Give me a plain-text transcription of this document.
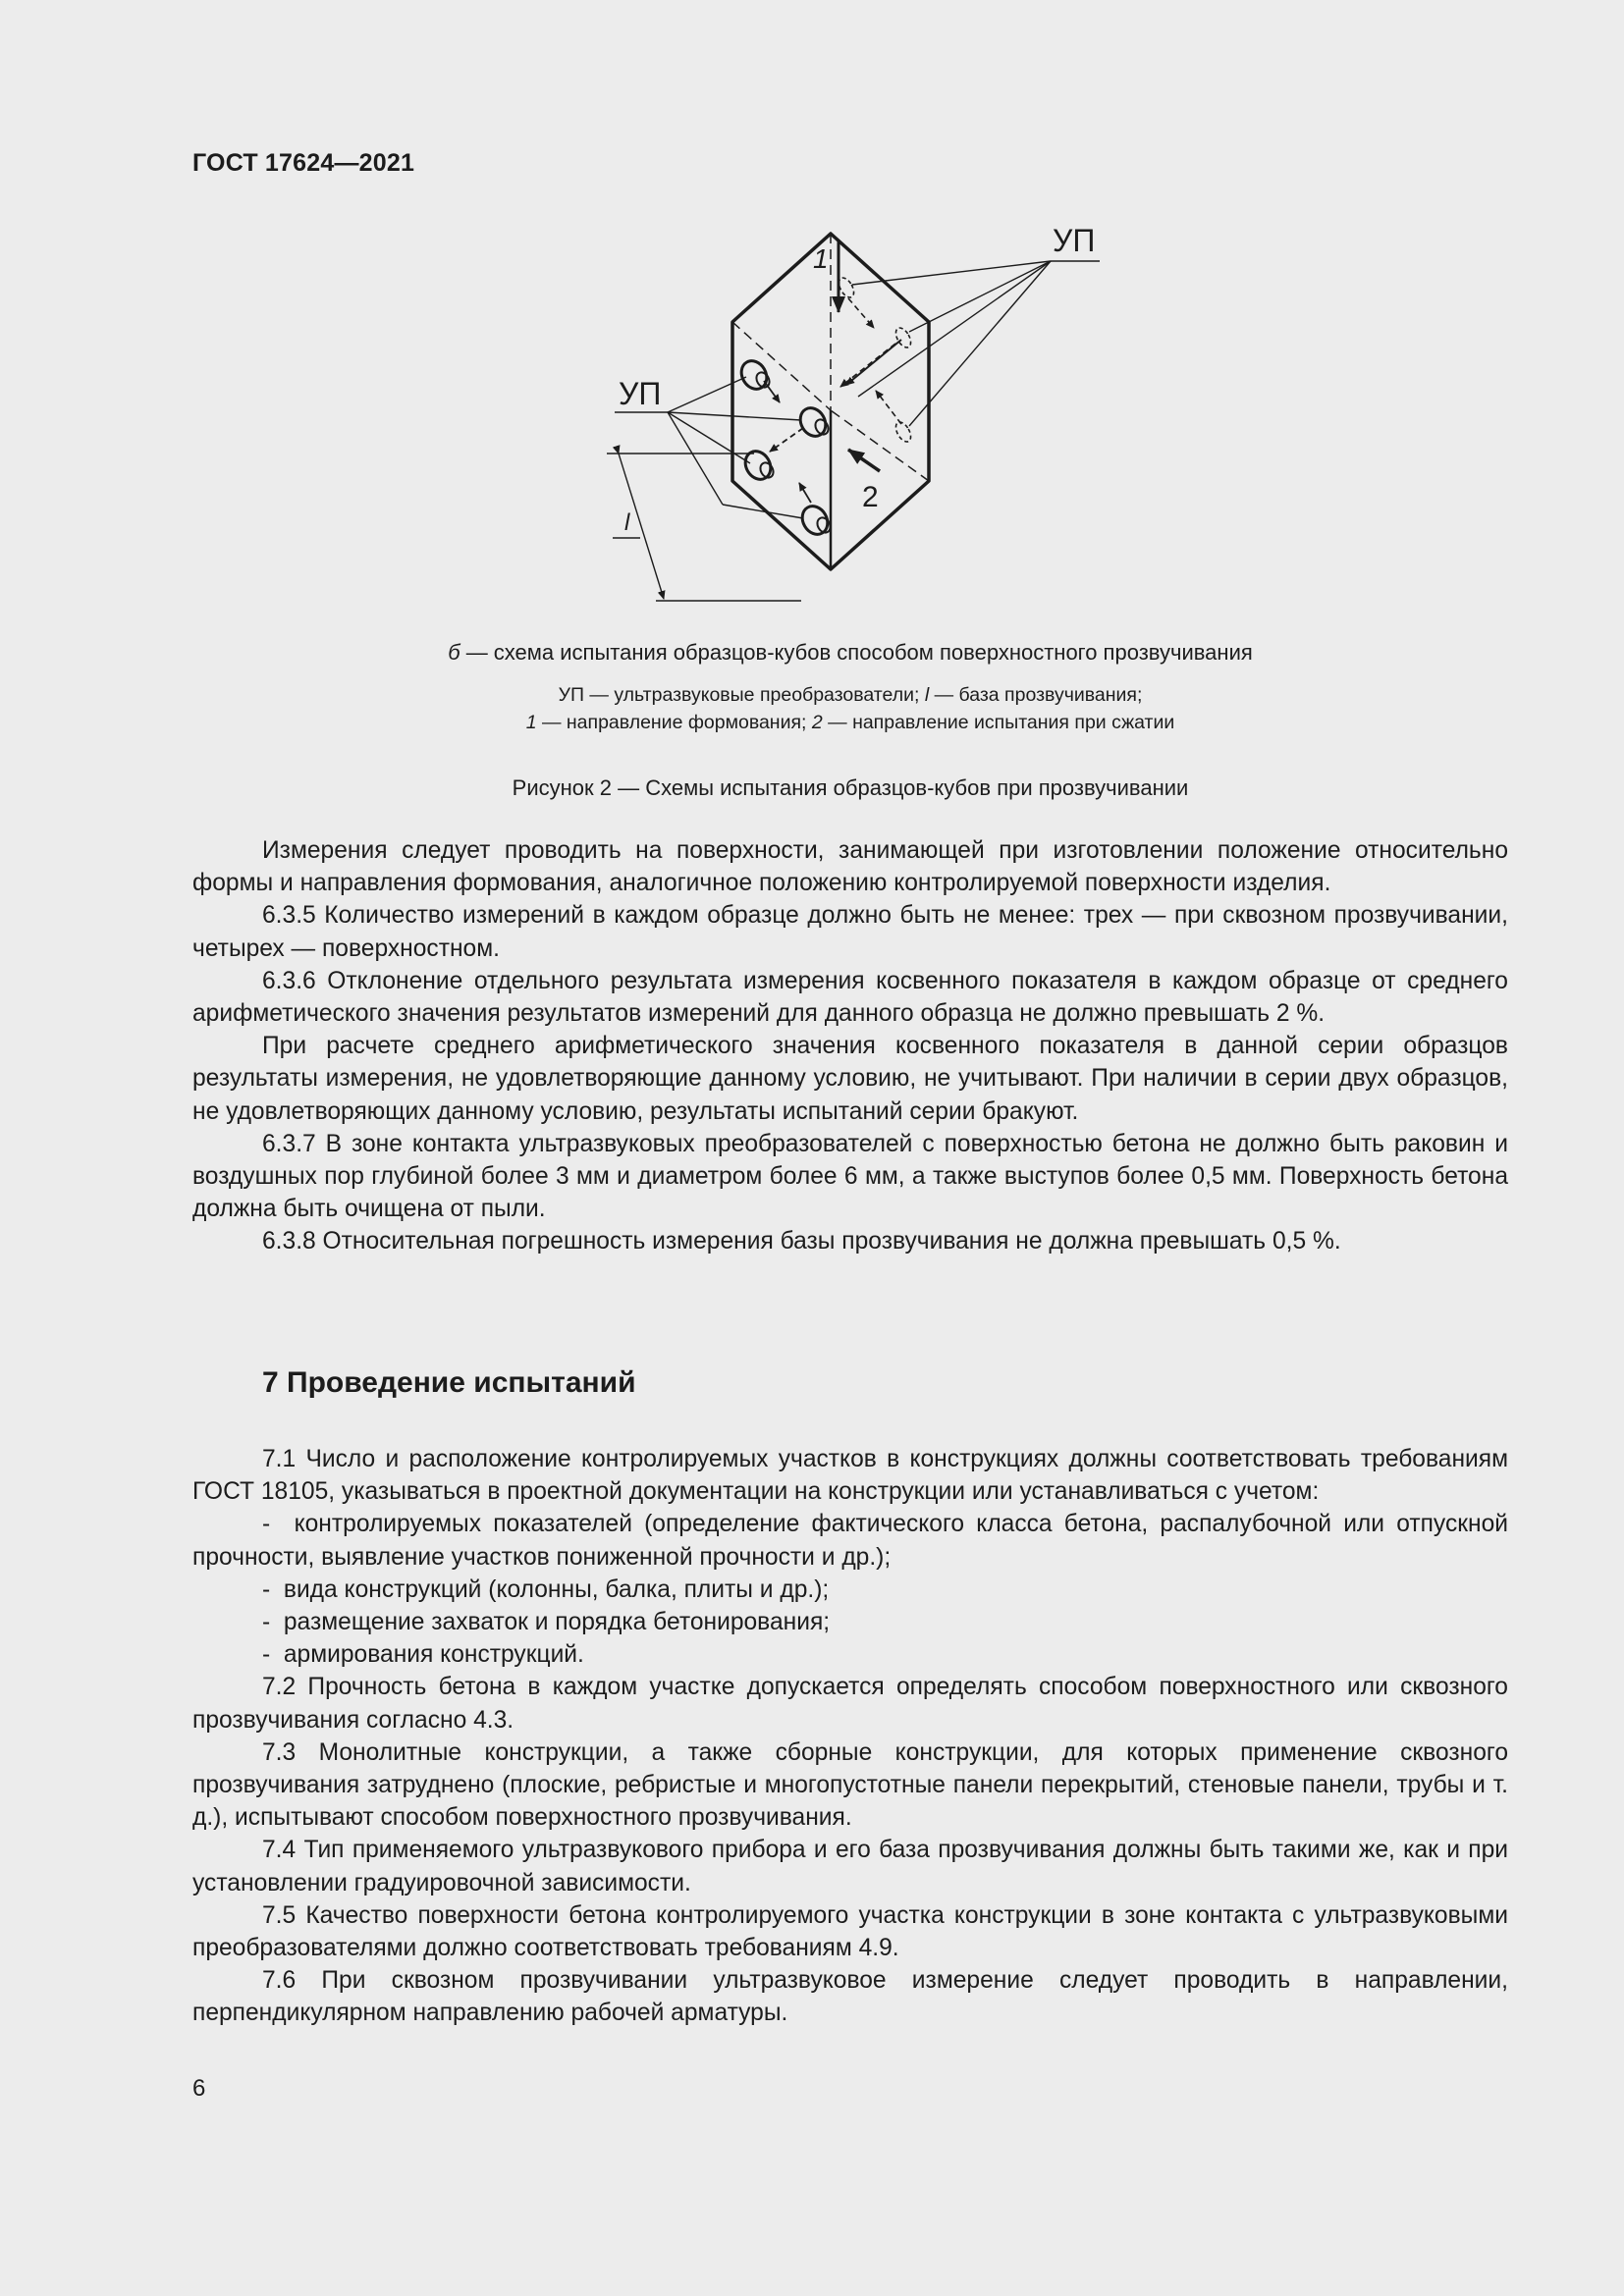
ГОСТ 17624—2021
1
2
УП
УП
l
б — схема испытания образцов-кубов способом поверхностного прозвучивания
УП — ультразвуковые преобразователи; l — база прозвучивания;
1 — направление формования; 2 — направление испытания при сжатии
Рисунок 2 — Схемы испытания образцов-кубов при прозвучивании

Измерения следует проводить на поверхности, занимающей при изготовлении положение относительно формы и направления формования, аналогичное положению контролируемой поверхности изделия.

6.3.5 Количество измерений в каждом образце должно быть не менее: трех — при сквозном прозвучивании, четырех — поверхностном.

6.3.6 Отклонение отдельного результата измерения косвенного показателя в каждом образце от среднего арифметического значения результатов измерений для данного образца не должно превышать 2 %.

При расчете среднего арифметического значения косвенного показателя в данной серии образцов результаты измерения, не удовлетворяющие данному условию, не учитывают. При наличии в серии двух образцов, не удовлетворяющих данному условию, результаты испытаний серии бракуют.

6.3.7 В зоне контакта ультразвуковых преобразователей с поверхностью бетона не должно быть раковин и воздушных пор глубиной более 3 мм и диаметром более 6 мм, а также выступов более 0,5 мм. Поверхность бетона должна быть очищена от пыли.

6.3.8 Относительная погрешность измерения базы прозвучивания не должна превышать 0,5 %.

7 Проведение испытаний

7.1 Число и расположение контролируемых участков в конструкциях должны соответствовать требованиям ГОСТ 18105, указываться в проектной документации на конструкции или устанавливаться с учетом:

- контролируемых показателей (определение фактического класса бетона, распалубочной или отпускной прочности, выявление участков пониженной прочности и др.);

- вида конструкций (колонны, балка, плиты и др.);

- размещение захваток и порядка бетонирования;

- армирования конструкций.

7.2 Прочность бетона в каждом участке допускается определять способом поверхностного или сквозного прозвучивания согласно 4.3.

7.3 Монолитные конструкции, а также сборные конструкции, для которых применение сквозного прозвучивания затруднено (плоские, ребристые и многопустотные панели перекрытий, стеновые панели, трубы и т. д.), испытывают способом поверхностного прозвучивания.

7.4 Тип применяемого ультразвукового прибора и его база прозвучивания должны быть такими же, как и при установлении градуировочной зависимости.

7.5 Качество поверхности бетона контролируемого участка конструкции в зоне контакта с ультразвуковыми преобразователями должно соответствовать требованиям 4.9.

7.6 При сквозном прозвучивании ультразвуковое измерение следует проводить в направлении, перпендикулярном направлению рабочей арматуры.

6
